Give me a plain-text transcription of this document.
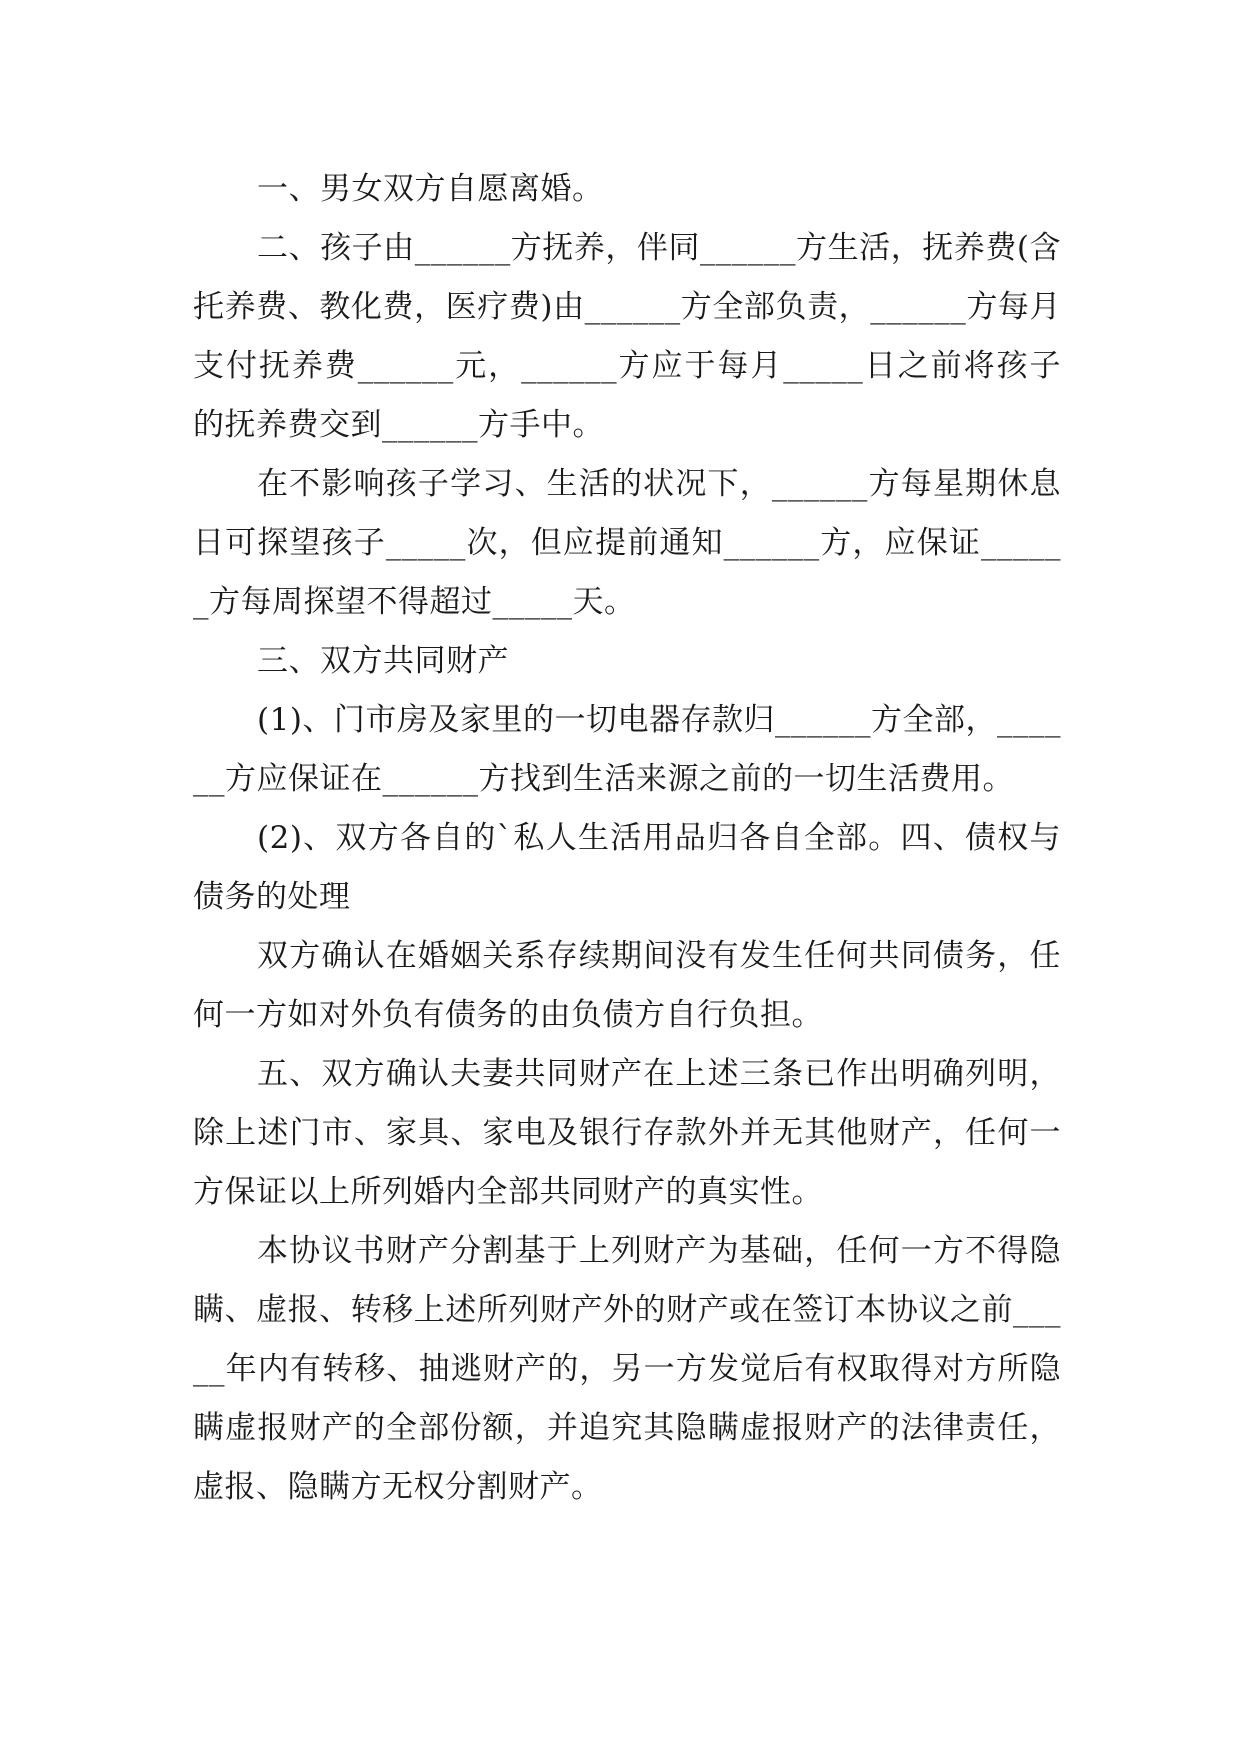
一、男女双方自愿离婚。

二、孩子由______方抚养，伴同______方生活，抚养费(含托养费、教化费，医疗费)由______方全部负责，______方每月支付抚养费______元，______方应于每月_____日之前将孩子的抚养费交到______方手中。

在不影响孩子学习、生活的状况下，______方每星期休息日可探望孩子_____次，但应提前通知______方，应保证______方每周探望不得超过_____天。

三、双方共同财产

(1)、门市房及家里的一切电器存款归______方全部，______方应保证在______方找到生活来源之前的一切生活费用。

(2)、双方各自的`私人生活用品归各自全部。四、债权与债务的处理

双方确认在婚姻关系存续期间没有发生任何共同债务，任何一方如对外负有债务的由负债方自行负担。

五、双方确认夫妻共同财产在上述三条已作出明确列明，除上述门市、家具、家电及银行存款外并无其他财产，任何一方保证以上所列婚内全部共同财产的真实性。

本协议书财产分割基于上列财产为基础，任何一方不得隐瞒、虚报、转移上述所列财产外的财产或在签订本协议之前_____年内有转移、抽逃财产的，另一方发觉后有权取得对方所隐瞒虚报财产的全部份额，并追究其隐瞒虚报财产的法律责任，虚报、隐瞒方无权分割财产。
